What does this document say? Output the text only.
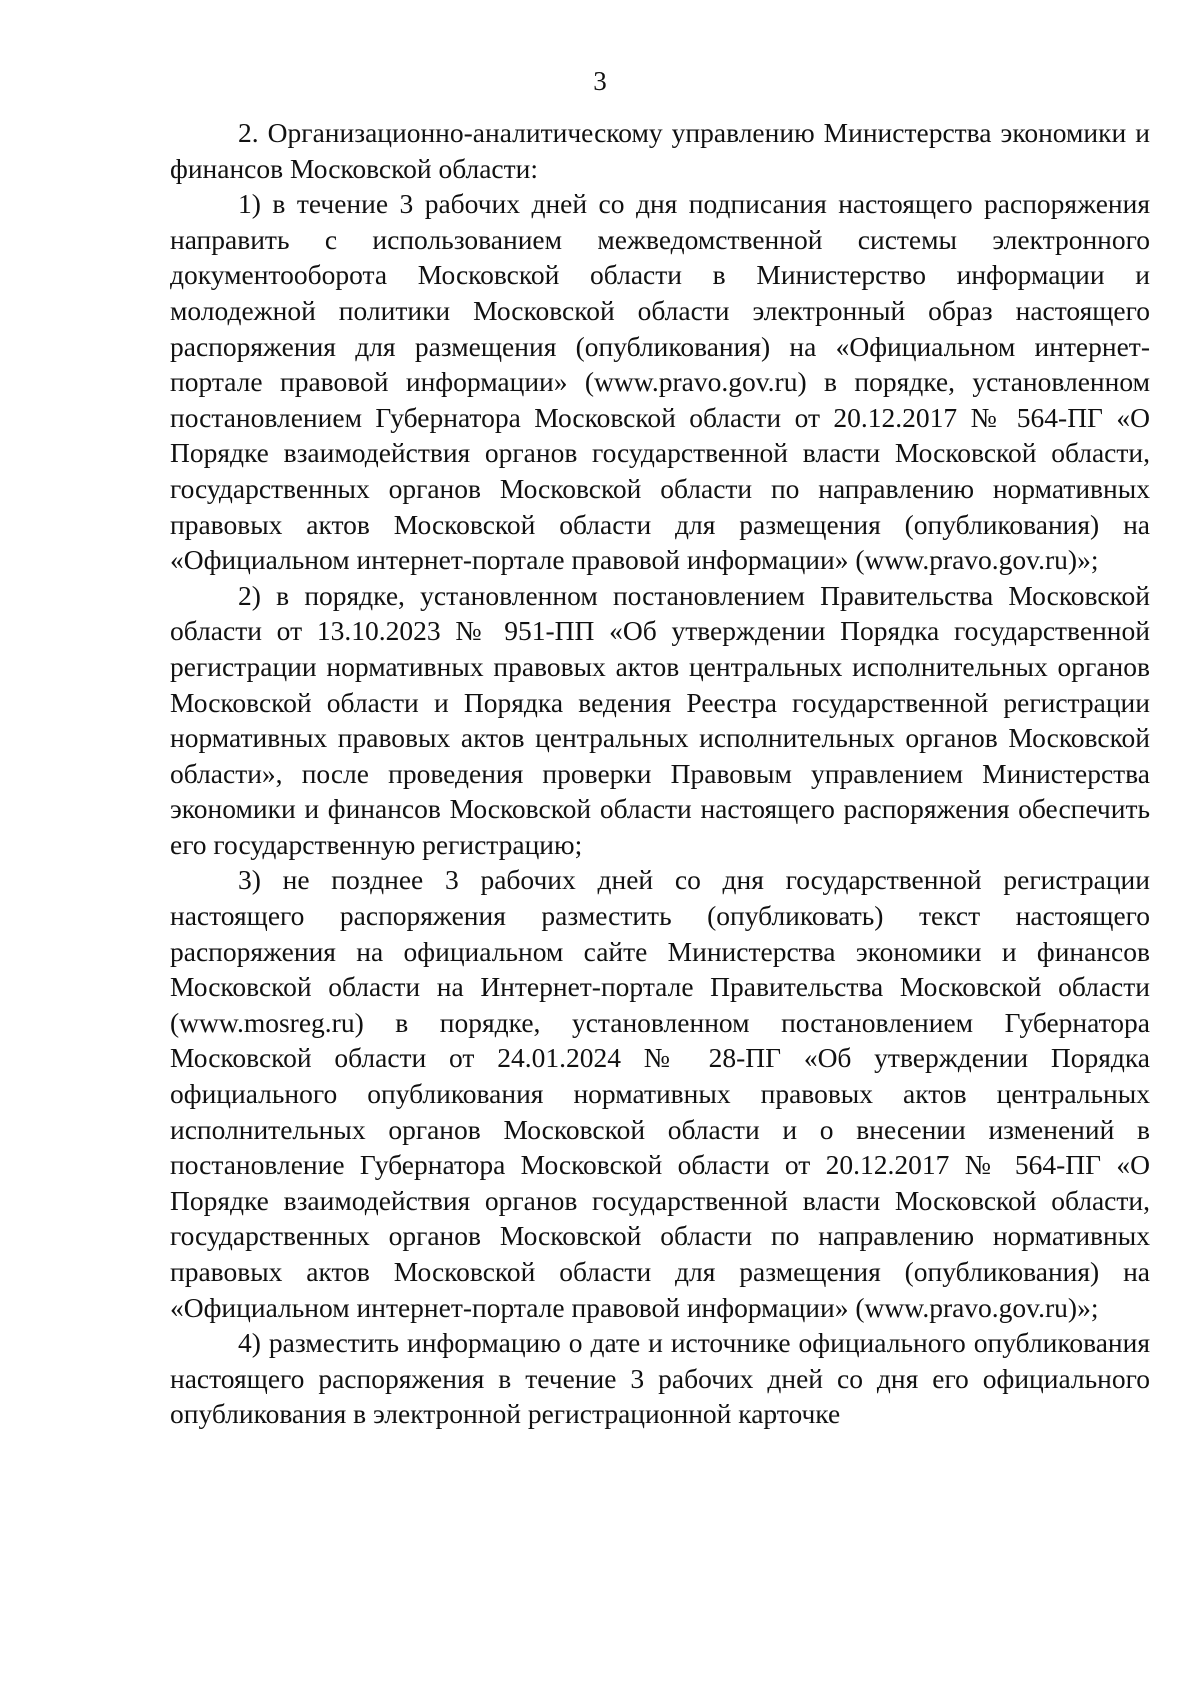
3

2. Организационно-аналитическому управлению Министерства экономики и финансов Московской области:

1) в течение 3 рабочих дней со дня подписания настоящего распоряжения направить с использованием межведомственной системы электронного документооборота Московской области в Министерство информации и молодежной политики Московской области электронный образ настоящего распоряжения для размещения (опубликования) на «Официальном интернет-портале правовой информации» (www.pravo.gov.ru) в порядке, установленном постановлением Губернатора Московской области от 20.12.2017 № 564-ПГ «О Порядке взаимодействия органов государственной власти Московской области, государственных органов Московской области по направлению нормативных правовых актов Московской области для размещения (опубликования) на «Официальном интернет-портале правовой информации» (www.pravo.gov.ru)»;

2) в порядке, установленном постановлением Правительства Московской области от 13.10.2023 № 951-ПП «Об утверждении Порядка государственной регистрации нормативных правовых актов центральных исполнительных органов Московской области и Порядка ведения Реестра государственной регистрации нормативных правовых актов центральных исполнительных органов Московской области», после проведения проверки Правовым управлением Министерства экономики и финансов Московской области настоящего распоряжения обеспечить его государственную регистрацию;

3) не позднее 3 рабочих дней со дня государственной регистрации настоящего распоряжения разместить (опубликовать) текст настоящего распоряжения на официальном сайте Министерства экономики и финансов Московской области на Интернет-портале Правительства Московской области (www.mosreg.ru) в порядке, установленном постановлением Губернатора Московской области от 24.01.2024 № 28-ПГ «Об утверждении Порядка официального опубликования нормативных правовых актов центральных исполнительных органов Московской области и о внесении изменений в постановление Губернатора Московской области от 20.12.2017 № 564-ПГ «О Порядке взаимодействия органов государственной власти Московской области, государственных органов Московской области по направлению нормативных правовых актов Московской области для размещения (опубликования) на «Официальном интернет-портале правовой информации» (www.pravo.gov.ru)»;

4) разместить информацию о дате и источнике официального опубликования настоящего распоряжения в течение 3 рабочих дней со дня его официального опубликования в электронной регистрационной карточке
